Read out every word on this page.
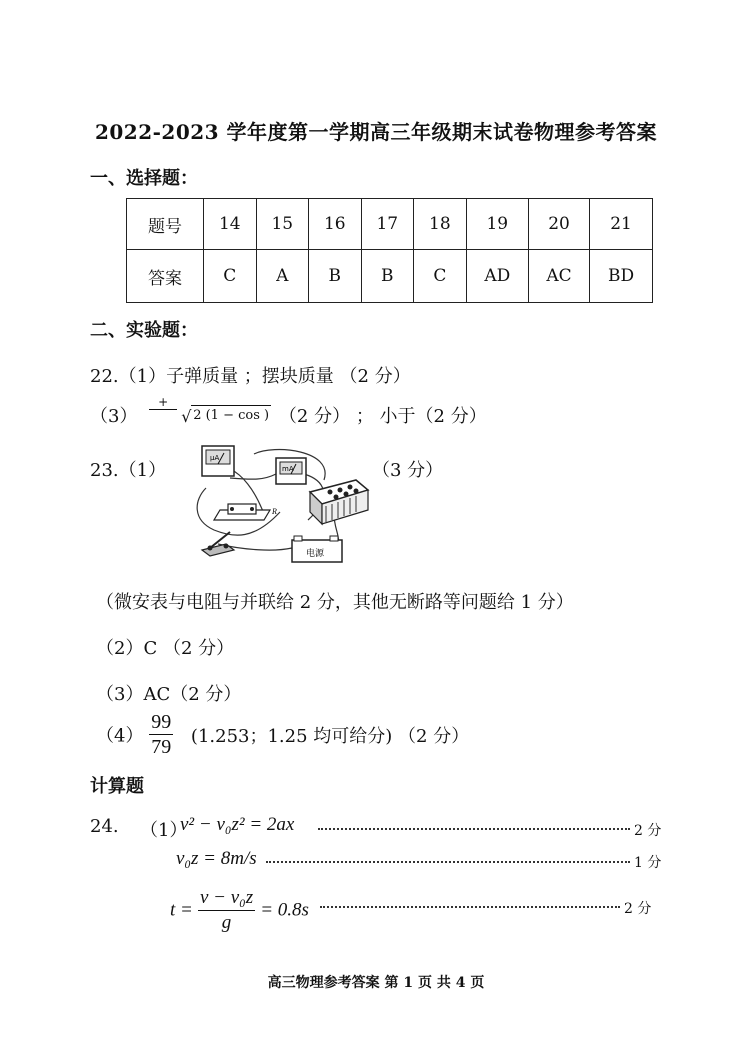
2022-2023 学年度第一学期高三年级期末试卷物理参考答案
一、选择题：
题号	14	15	16	17	18	19	20	21
答案	C	A	B	B	C	AD	AC	BD
二、实验题：
22.（1）子弹质量 ；摆块质量 （2 分）
（3）
+
√ 2 (1 − cos ) （2 分） ； 小于（2 分）
23.（1）	（3 分）
μA
mA
R
电源
（微安表与电阻与并联给 2 分，其他无断路等问题给 1 分）
（2）C （2 分）
（3）AC（2 分）
$(4) \frac{99}{79} (1.253$；1.25 均可给分) （2 分）
计算题
24. （1）
v² − v₀z² = 2ax	2 分
v₀z = 8m/s	1 分
$t = \frac{\text{v − v₀z}}{g} = 0.8s$	2 分
高三物理参考答案 第 1 页 共 4 页
